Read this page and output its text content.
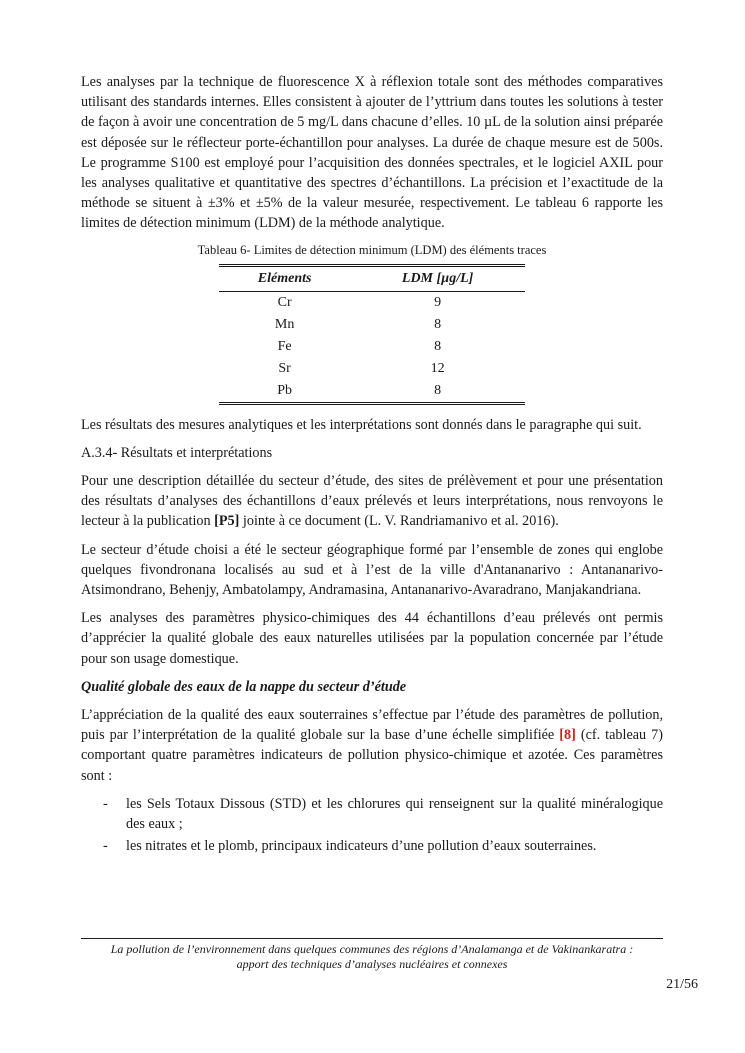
Les analyses par la technique de fluorescence X à réflexion totale sont des méthodes comparatives utilisant des standards internes. Elles consistent à ajouter de l’yttrium dans toutes les solutions à tester de façon à avoir une concentration de 5 mg/L dans chacune d’elles. 10 µL de la solution ainsi préparée est déposée sur le réflecteur porte-échantillon pour analyses. La durée de chaque mesure est de 500s. Le programme S100 est employé pour l’acquisition des données spectrales, et le logiciel AXIL pour les analyses qualitative et quantitative des spectres d’échantillons. La précision et l’exactitude de la méthode se situent à ±3% et ±5% de la valeur mesurée, respectivement. Le tableau 6 rapporte les limites de détection minimum (LDM) de la méthode analytique.

Tableau 6- Limites de détection minimum (LDM) des éléments traces
Eléments	LDM [µg/L]
Cr	9
Mn	8
Fe	8
Sr	12
Pb	8

Les résultats des mesures analytiques et les interprétations sont donnés dans le paragraphe qui suit.

A.3.4- Résultats et interprétations

Pour une description détaillée du secteur d’étude, des sites de prélèvement et pour une présentation des résultats d’analyses des échantillons d’eaux prélevés et leurs interprétations, nous renvoyons le lecteur à la publication [P5] jointe à ce document (L. V. Randriamanivo et al. 2016).

Le secteur d’étude choisi a été le secteur géographique formé par l’ensemble de zones qui englobe quelques fivondronana localisés au sud et à l’est de la ville d'Antananarivo : Antananarivo-Atsimondrano, Behenjy, Ambatolampy, Andramasina, Antananarivo-Avaradrano, Manjakandriana.

Les analyses des paramètres physico-chimiques des 44 échantillons d’eau prélevés ont permis d’apprécier la qualité globale des eaux naturelles utilisées par la population concernée par l’étude pour son usage domestique.

Qualité globale des eaux de la nappe du secteur d’étude

L’appréciation de la qualité des eaux souterraines s’effectue par l’étude des paramètres de pollution, puis par l’interprétation de la qualité globale sur la base d’une échelle simplifiée [8] (cf. tableau 7) comportant quatre paramètres indicateurs de pollution physico-chimique et azotée. Ces paramètres sont :

- les Sels Totaux Dissous (STD) et les chlorures qui renseignent sur la qualité minéralogique des eaux ;
- les nitrates et le plomb, principaux indicateurs d’une pollution d’eaux souterraines.
La pollution de l’environnement dans quelques communes des régions d’Analamanga et de Vakinankaratra :
apport des techniques d’analyses nucléaires et connexes
21/56
